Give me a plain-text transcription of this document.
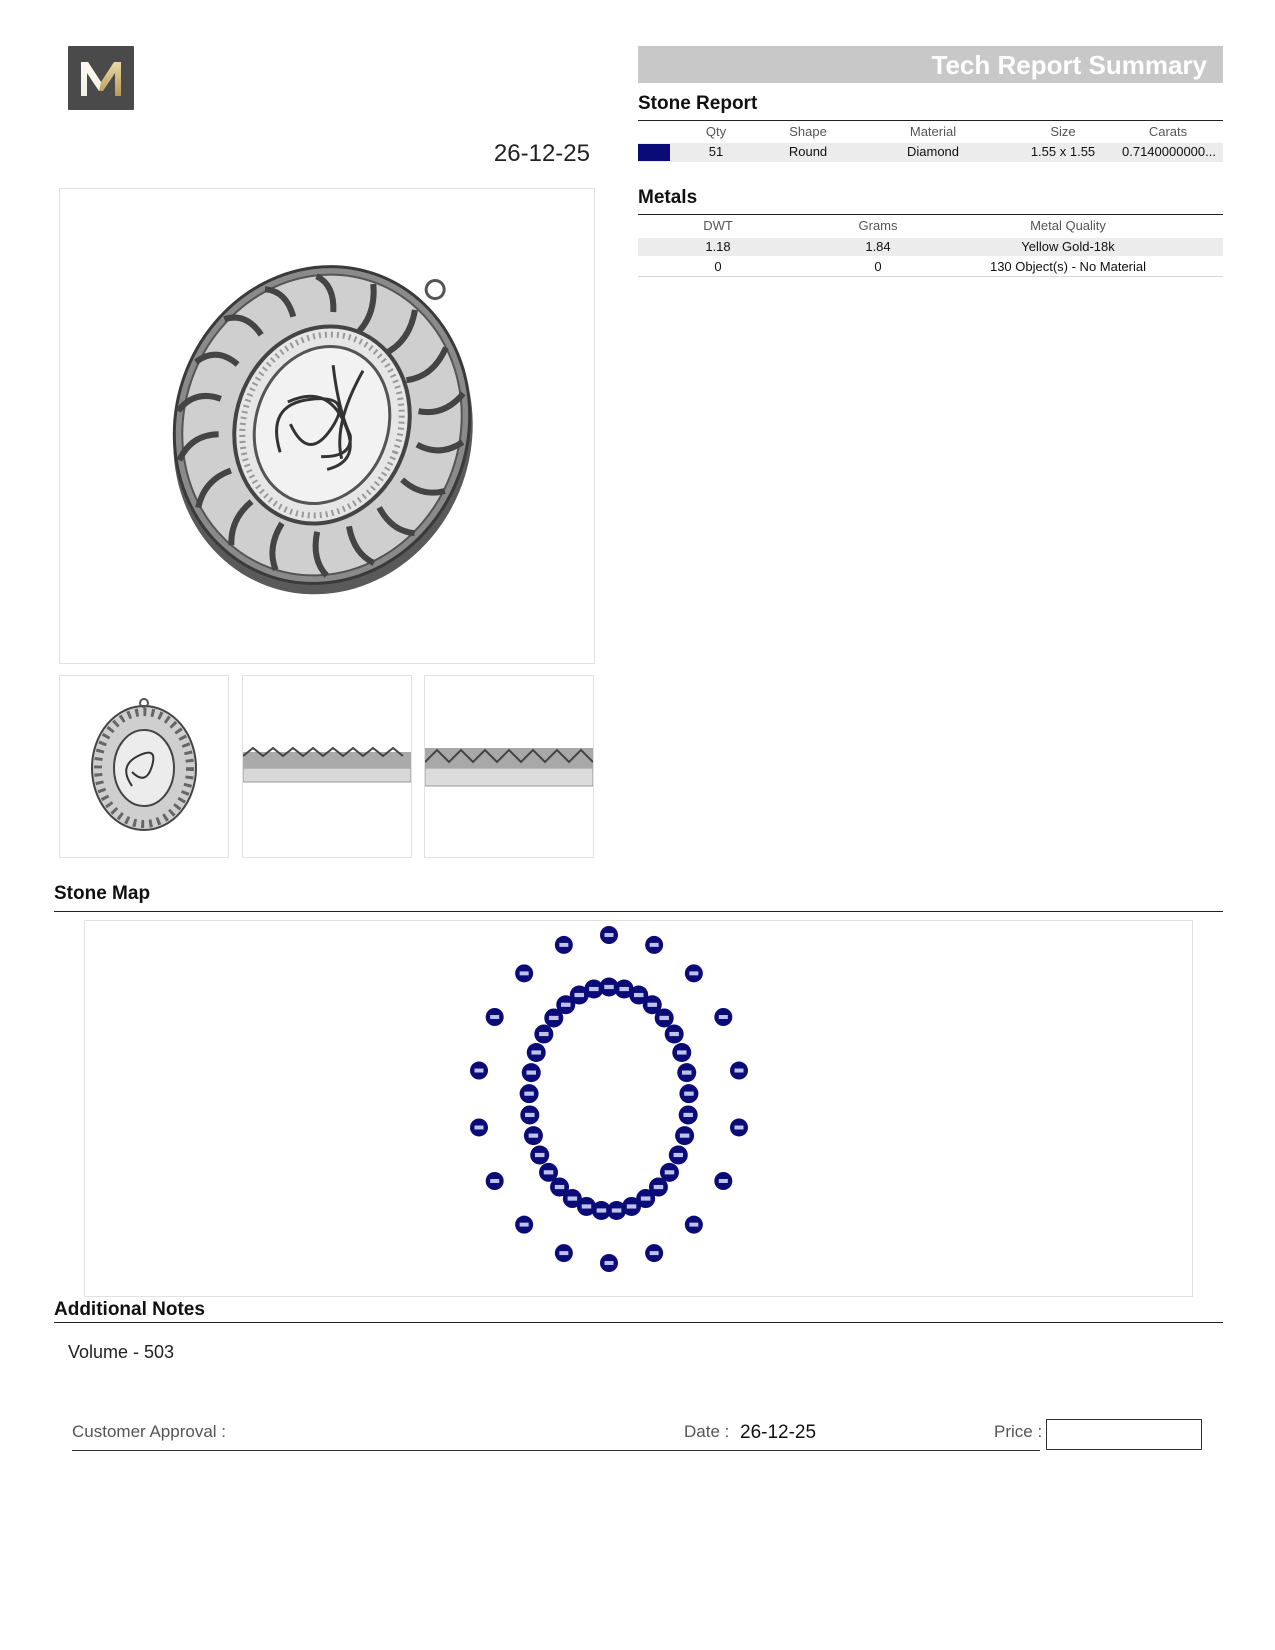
26-12-25
Tech Report Summary
Stone Report
Qty	Shape	Material	Size	Carats
51	Round	Diamond	1.55 x 1.55	0.7140000000...
Metals
DWT	Grams	Metal Quality
1.18	1.84	Yellow Gold-18k
0	0	130 Object(s) - No Material
Stone Map
Additional Notes
Volume - 503
Customer Approval :	Date : 26-12-25	Price :
